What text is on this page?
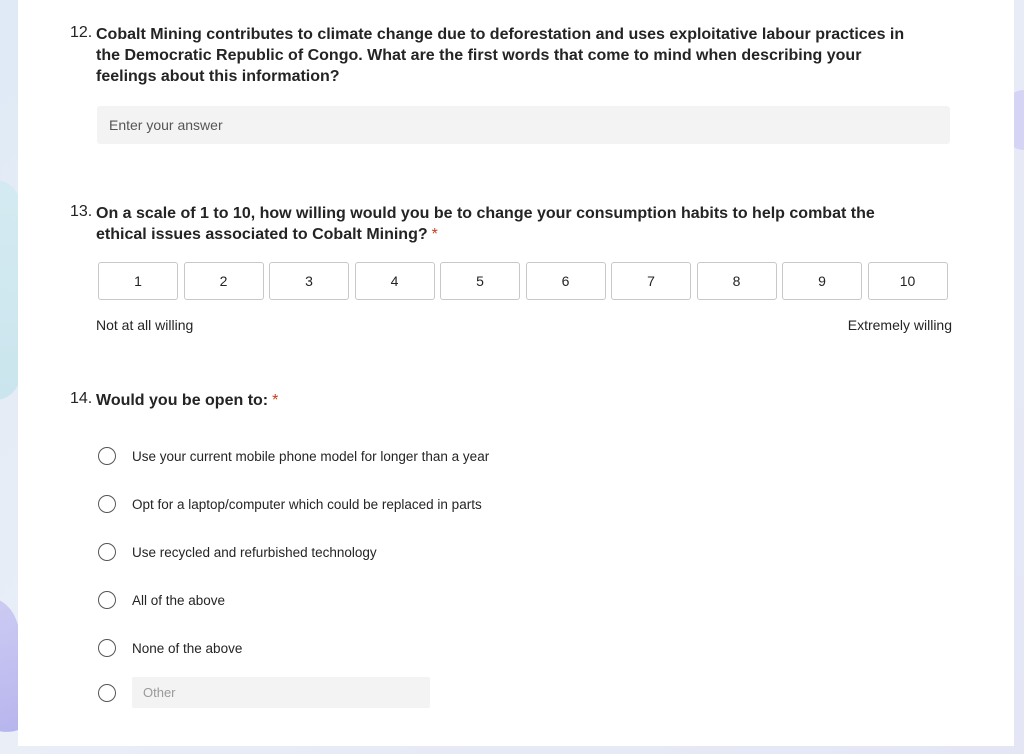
12. Cobalt Mining contributes to climate change due to deforestation and uses exploitative labour practices in the Democratic Republic of Congo. What are the first words that come to mind when describing your feelings about this information?
Enter your answer
13. On a scale of 1 to 10, how willing would you be to change your consumption habits to help combat the ethical issues associated to Cobalt Mining? *
1	2	3	4	5	6	7	8	9	10
Not at all willing	Extremely willing
14. Would you be open to: *
Use your current mobile phone model for longer than a year
Opt for a laptop/computer which could be replaced in parts
Use recycled and refurbished technology
All of the above
None of the above
Other
